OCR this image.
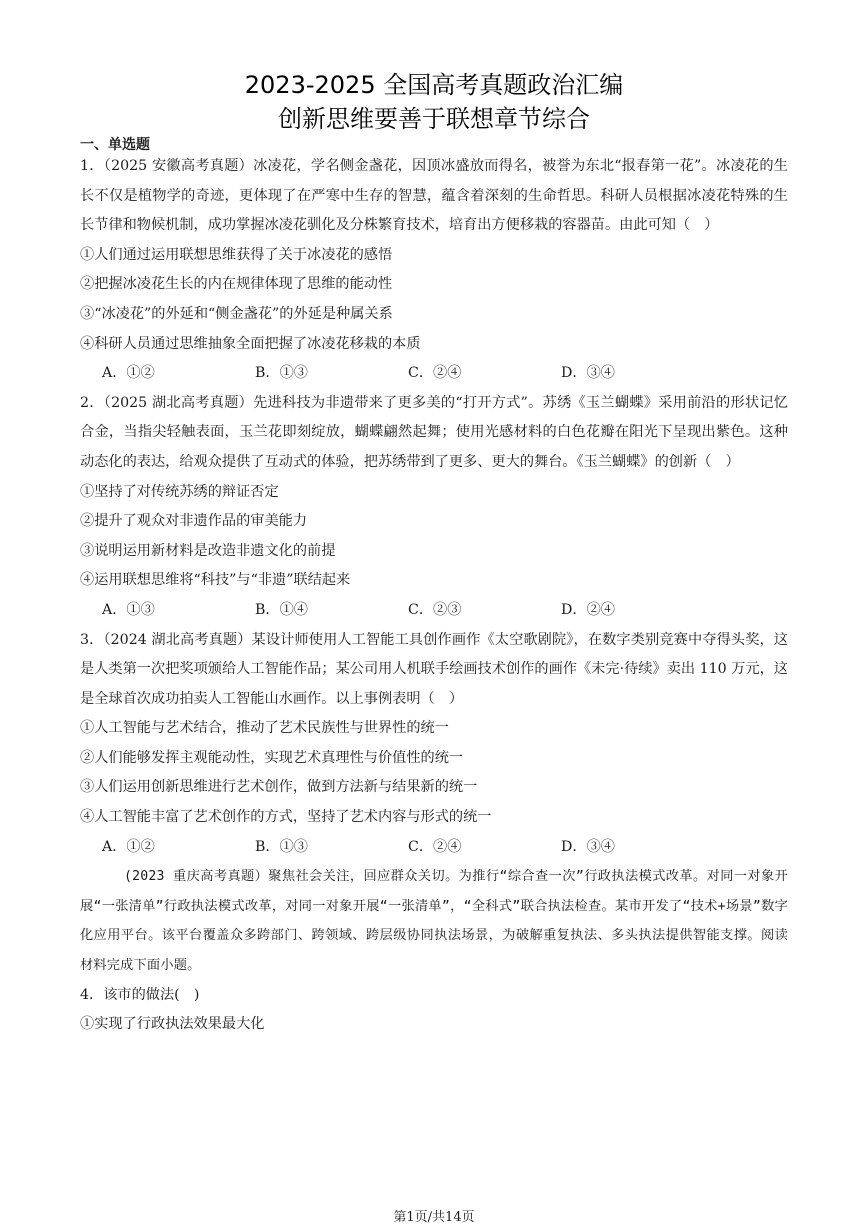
2023-2025 全国高考真题政治汇编
创新思维要善于联想章节综合
一、单选题

1．（2025 安徽高考真题）冰凌花，学名侧金盏花，因顶冰盛放而得名，被誉为东北“报春第一花”。冰凌花的生长不仅是植物学的奇迹，更体现了在严寒中生存的智慧，蕴含着深刻的生命哲思。科研人员根据冰凌花特殊的生长节律和物候机制，成功掌握冰凌花驯化及分株繁育技术，培育出方便移栽的容器苗。由此可知（　）

①人们通过运用联想思维获得了关于冰凌花的感悟

②把握冰凌花生长的内在规律体现了思维的能动性

③“冰凌花”的外延和“侧金盏花”的外延是种属关系

④科研人员通过思维抽象全面把握了冰凌花移栽的本质

A．①②	B．①③	C．②④	D．③④

2．（2025 湖北高考真题）先进科技为非遗带来了更多美的“打开方式”。苏绣《玉兰蝴蝶》采用前沿的形状记忆合金，当指尖轻触表面，玉兰花即刻绽放，蝴蝶翩然起舞；使用光感材料的白色花瓣在阳光下呈现出紫色。这种动态化的表达，给观众提供了互动式的体验，把苏绣带到了更多、更大的舞台。《玉兰蝴蝶》的创新（　）

①坚持了对传统苏绣的辩证否定

②提升了观众对非遗作品的审美能力

③说明运用新材料是改造非遗文化的前提

④运用联想思维将“科技”与“非遗”联结起来

A．①③	B．①④	C．②③	D．②④

3．（2024 湖北高考真题）某设计师使用人工智能工具创作画作《太空歌剧院》，在数字类别竞赛中夺得头奖，这是人类第一次把奖项颁给人工智能作品；某公司用人机联手绘画技术创作的画作《未完·待续》卖出 110 万元，这是全球首次成功拍卖人工智能山水画作。以上事例表明（　）

①人工智能与艺术结合，推动了艺术民族性与世界性的统一

②人们能够发挥主观能动性，实现艺术真理性与价值性的统一

③人们运用创新思维进行艺术创作，做到方法新与结果新的统一

④人工智能丰富了艺术创作的方式，坚持了艺术内容与形式的统一

A．①②	B．①③	C．②④	D．③④

(2023 重庆高考真题）聚焦社会关注，回应群众关切。为推行“综合查一次”行政执法模式改革。对同一对象开展“一张清单”行政执法模式改革，对同一对象开展“一张清单”，“全科式”联合执法检查。某市开发了“技术+场景”数字化应用平台。该平台覆盖众多跨部门、跨领域、跨层级协同执法场景，为破解重复执法、多头执法提供智能支撑。阅读材料完成下面小题。

4．该市的做法(　)

①实现了行政执法效果最大化

第1页/共14页
